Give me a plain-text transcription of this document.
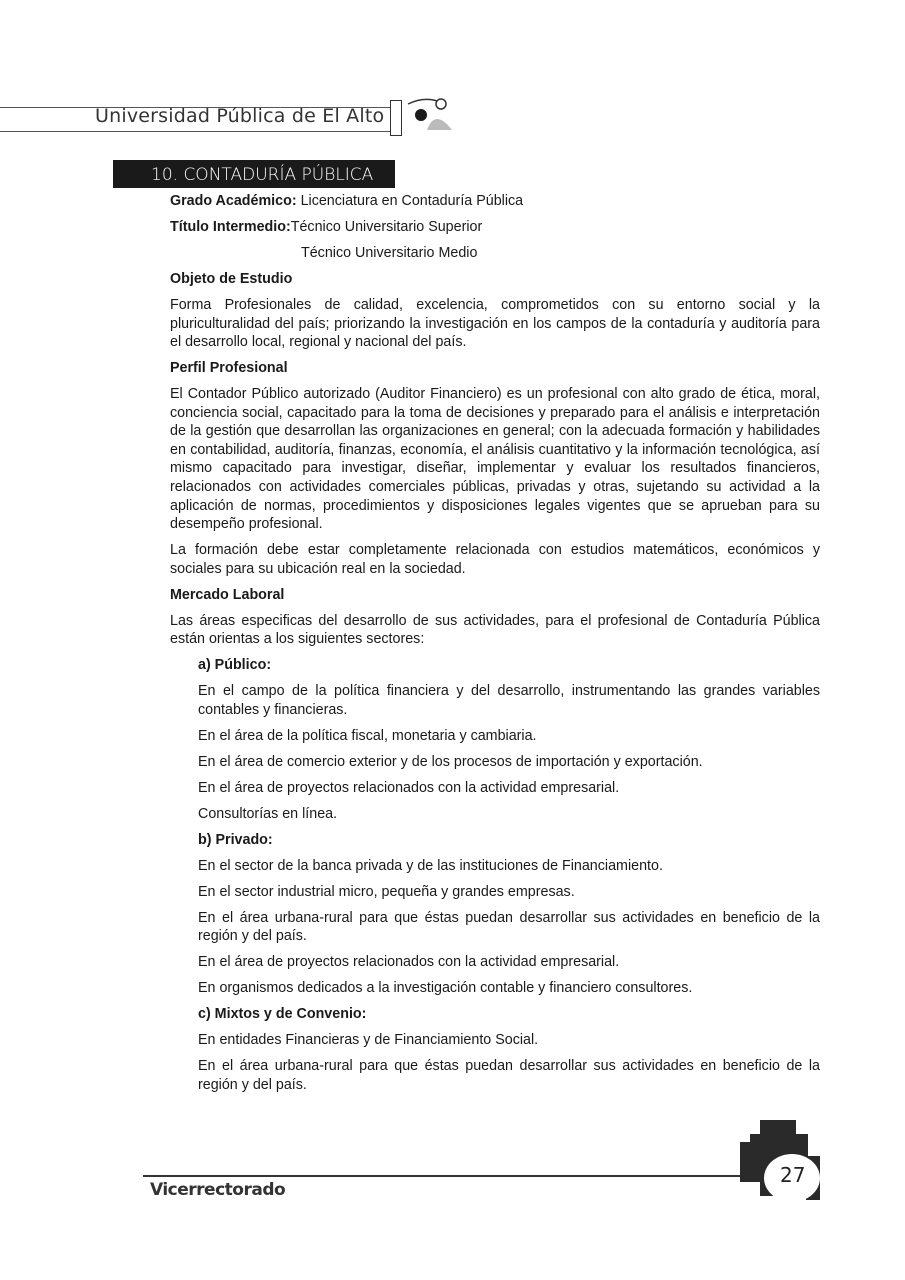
Universidad Pública de El Alto
10. CONTADURÍA PÚBLICA

Grado Académico: Licenciatura en Contaduría Pública

Título Intermedio:Técnico Universitario Superior

Técnico Universitario Medio

Objeto de Estudio

Forma Profesionales de calidad, excelencia, comprometidos con su entorno social y la pluriculturalidad del país; priorizando la investigación en los campos de la contaduría y auditoría para el desarrollo local, regional y nacional del país.

Perfil Profesional

El Contador Público autorizado (Auditor Financiero) es un profesional con alto grado de ética, moral, conciencia social, capacitado para la toma de decisiones y preparado para el análisis e interpretación de la gestión que desarrollan las organizaciones en general; con la adecuada formación y habilidades en contabilidad, auditoría, finanzas, economía, el análisis cuantitativo y la información tecnológica, así mismo capacitado para investigar, diseñar, implementar y evaluar los resultados financieros, relacionados con actividades comerciales públicas, privadas y otras, sujetando su actividad a la aplicación de normas, procedimientos y disposiciones legales vigentes que se aprueban para su desempeño profesional.

La formación debe estar completamente relacionada con estudios matemáticos, económicos y sociales para su ubicación real en la sociedad.

Mercado Laboral

Las áreas especificas del desarrollo de sus actividades, para el profesional de Contaduría Pública están orientas a los siguientes sectores:

a) Público:

En el campo de la política financiera y del desarrollo, instrumentando las grandes variables contables y financieras.

En el área de la política fiscal, monetaria y cambiaria.

En el área de comercio exterior y de los procesos de importación y exportación.

En el área de proyectos relacionados con la actividad empresarial.

Consultorías en línea.

b) Privado:

En el sector de la banca privada y de las instituciones de Financiamiento.

En el sector industrial micro, pequeña y grandes empresas.

En el área urbana-rural para que éstas puedan desarrollar sus actividades en beneficio de la región y del país.

En el área de proyectos relacionados con la actividad empresarial.

En organismos dedicados a la investigación contable y financiero consultores.

c) Mixtos y de Convenio:

En entidades Financieras y de Financiamiento Social.

En el área urbana-rural para que éstas puedan desarrollar sus actividades en beneficio de la región y del país.

Vicerrectorado
27
